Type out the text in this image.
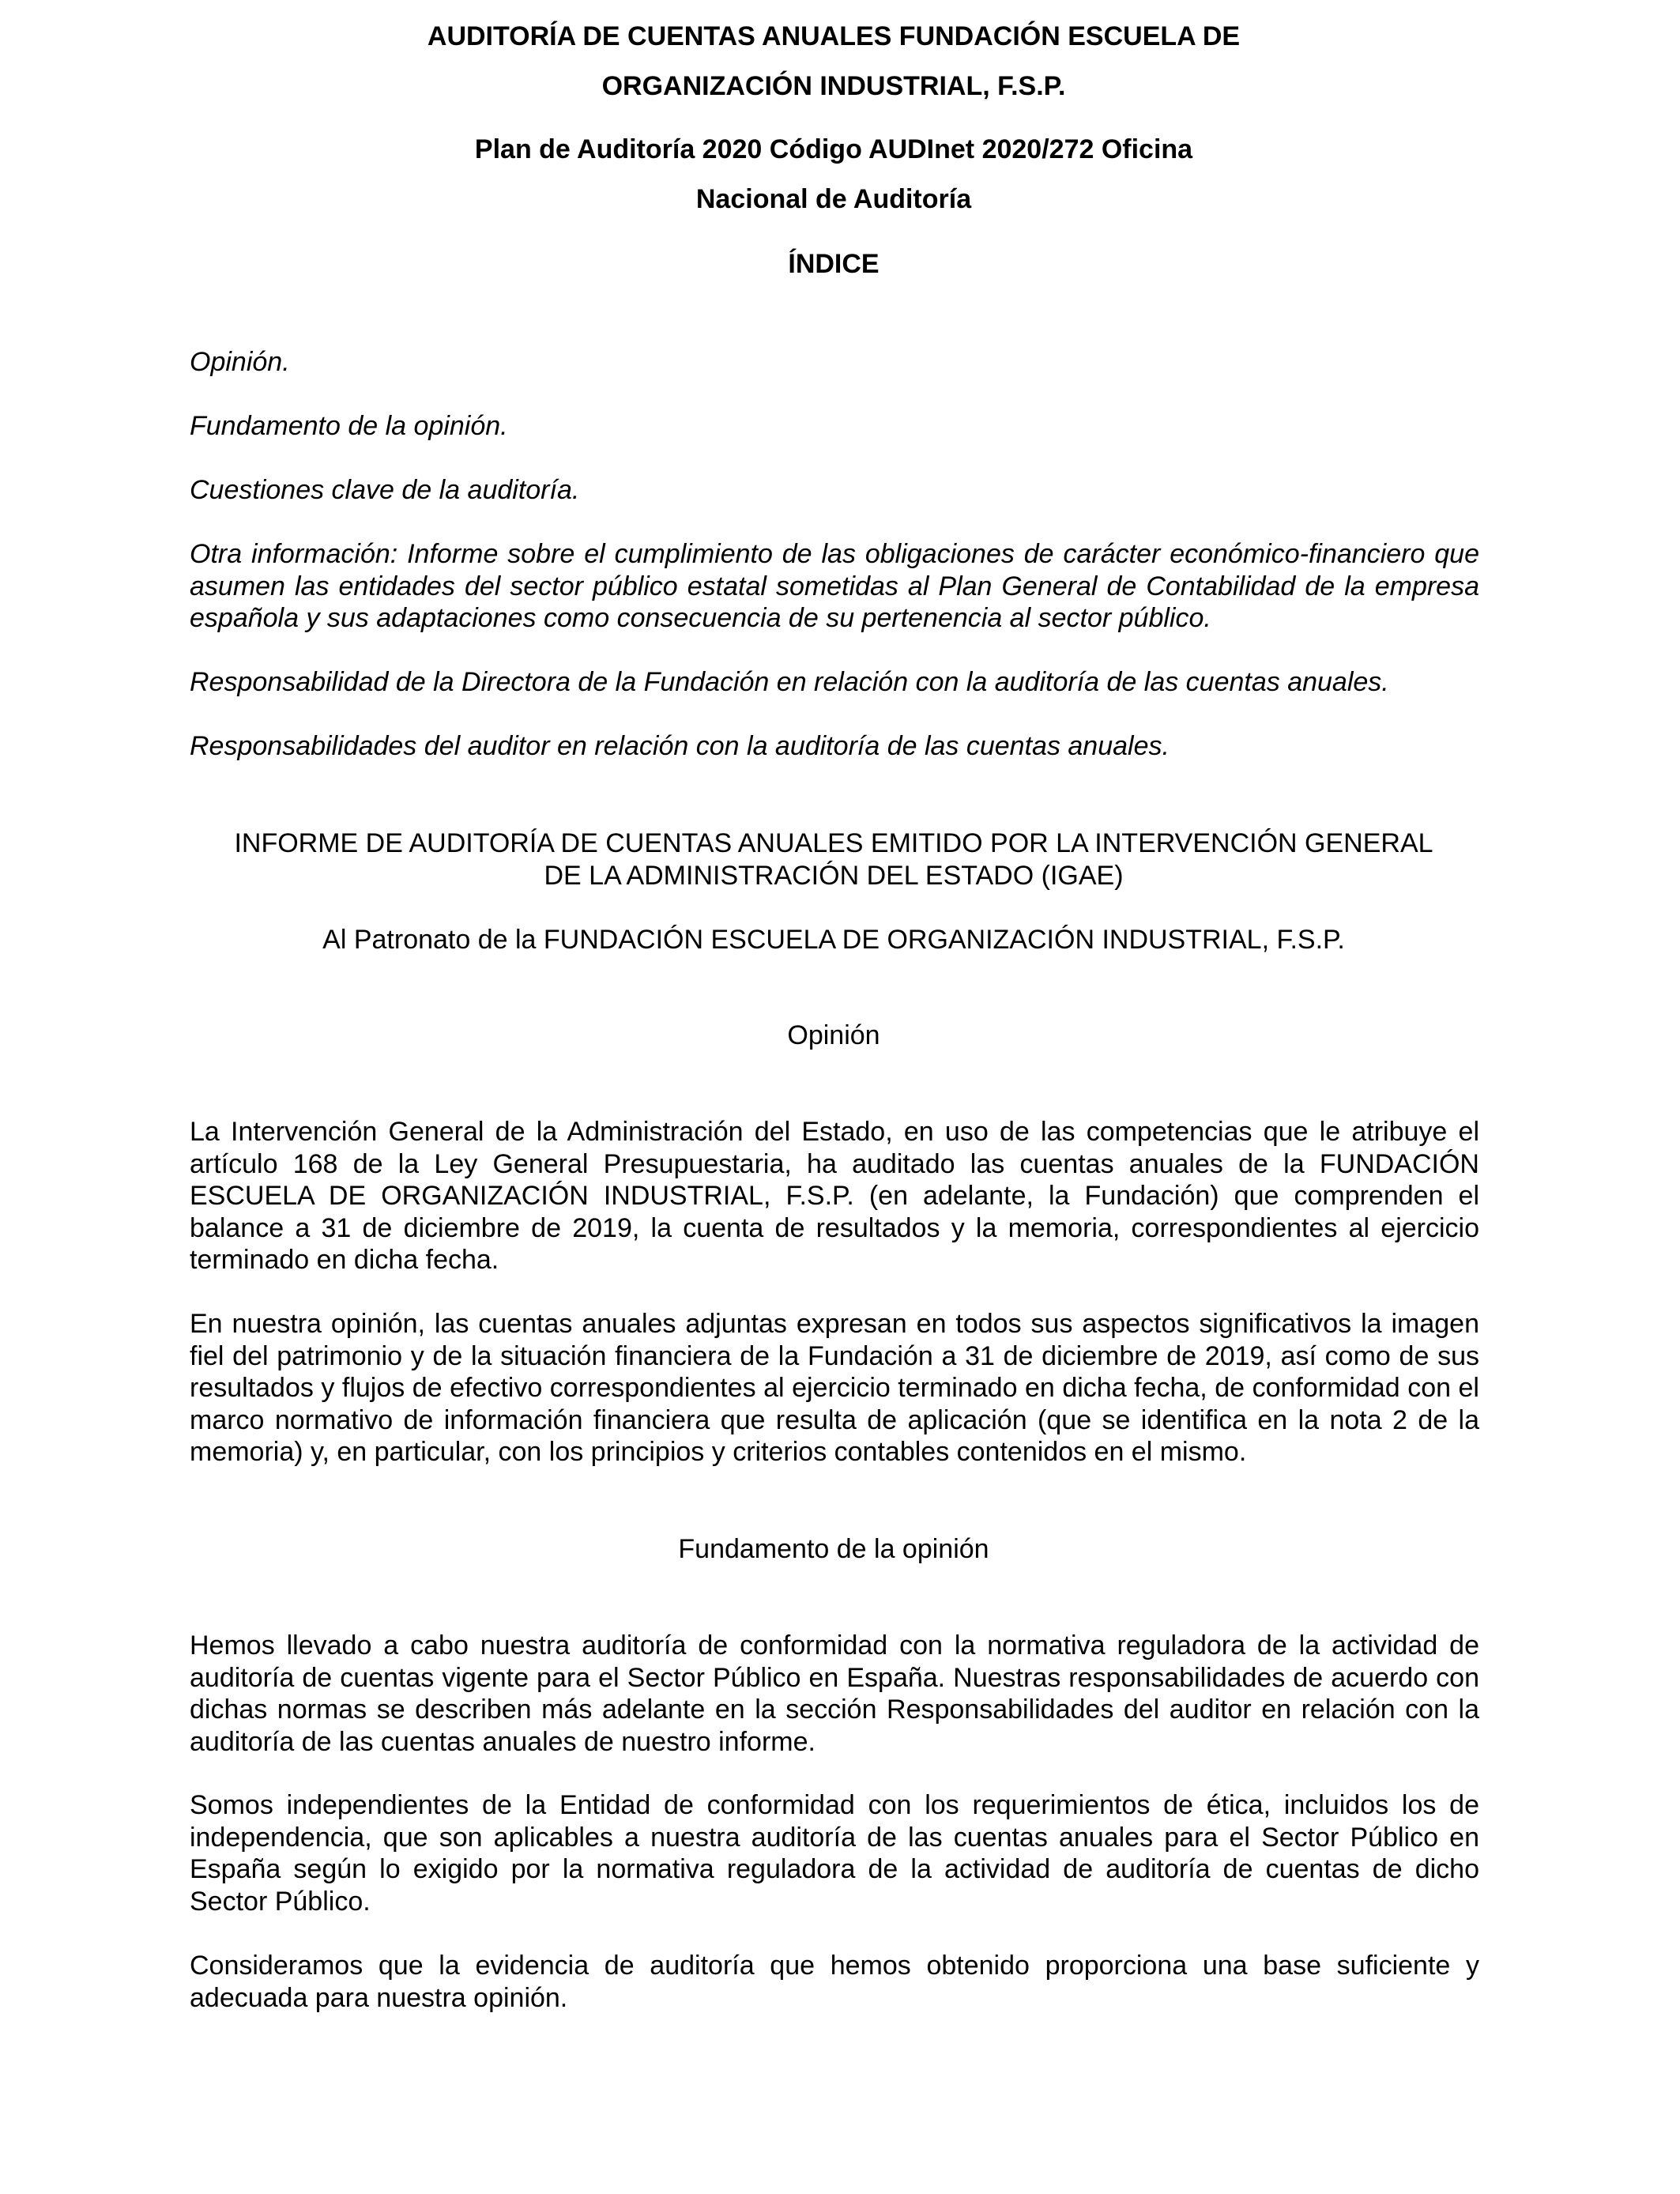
AUDITORÍA DE CUENTAS ANUALES FUNDACIÓN ESCUELA DE
ORGANIZACIÓN INDUSTRIAL, F.S.P.
Plan de Auditoría 2020 Código AUDInet 2020/272 Oficina
Nacional de Auditoría
ÍNDICE
Opinión.
Fundamento de la opinión.
Cuestiones clave de la auditoría.
Otra información: Informe sobre el cumplimiento de las obligaciones de carácter económico-financiero que asumen las entidades del sector público estatal sometidas al Plan General de Contabilidad de la empresa española y sus adaptaciones como consecuencia de su pertenencia al sector público.
Responsabilidad de la Directora de la Fundación en relación con la auditoría de las cuentas anuales.
Responsabilidades del auditor en relación con la auditoría de las cuentas anuales.
INFORME DE AUDITORÍA DE CUENTAS ANUALES EMITIDO POR LA INTERVENCIÓN GENERAL
DE LA ADMINISTRACIÓN DEL ESTADO (IGAE)
Al Patronato de la FUNDACIÓN ESCUELA DE ORGANIZACIÓN INDUSTRIAL, F.S.P.
Opinión
La Intervención General de la Administración del Estado, en uso de las competencias que le atribuye el artículo 168 de la Ley General Presupuestaria, ha auditado las cuentas anuales de la FUNDACIÓN ESCUELA DE ORGANIZACIÓN INDUSTRIAL, F.S.P. (en adelante, la Fundación) que comprenden el balance a 31 de diciembre de 2019, la cuenta de resultados y la memoria, correspondientes al ejercicio terminado en dicha fecha.
En nuestra opinión, las cuentas anuales adjuntas expresan en todos sus aspectos significativos la imagen fiel del patrimonio y de la situación financiera de la Fundación a 31 de diciembre de 2019, así como de sus resultados y flujos de efectivo correspondientes al ejercicio terminado en dicha fecha, de conformidad con el marco normativo de información financiera que resulta de aplicación (que se identifica en la nota 2 de la memoria) y, en particular, con los principios y criterios contables contenidos en el mismo.
Fundamento de la opinión
Hemos llevado a cabo nuestra auditoría de conformidad con la normativa reguladora de la actividad de auditoría de cuentas vigente para el Sector Público en España. Nuestras responsabilidades de acuerdo con dichas normas se describen más adelante en la sección Responsabilidades del auditor en relación con la auditoría de las cuentas anuales de nuestro informe.
Somos independientes de la Entidad de conformidad con los requerimientos de ética, incluidos los de independencia, que son aplicables a nuestra auditoría de las cuentas anuales para el Sector Público en España según lo exigido por la normativa reguladora de la actividad de auditoría de cuentas de dicho Sector Público.
Consideramos que la evidencia de auditoría que hemos obtenido proporciona una base suficiente y adecuada para nuestra opinión.
